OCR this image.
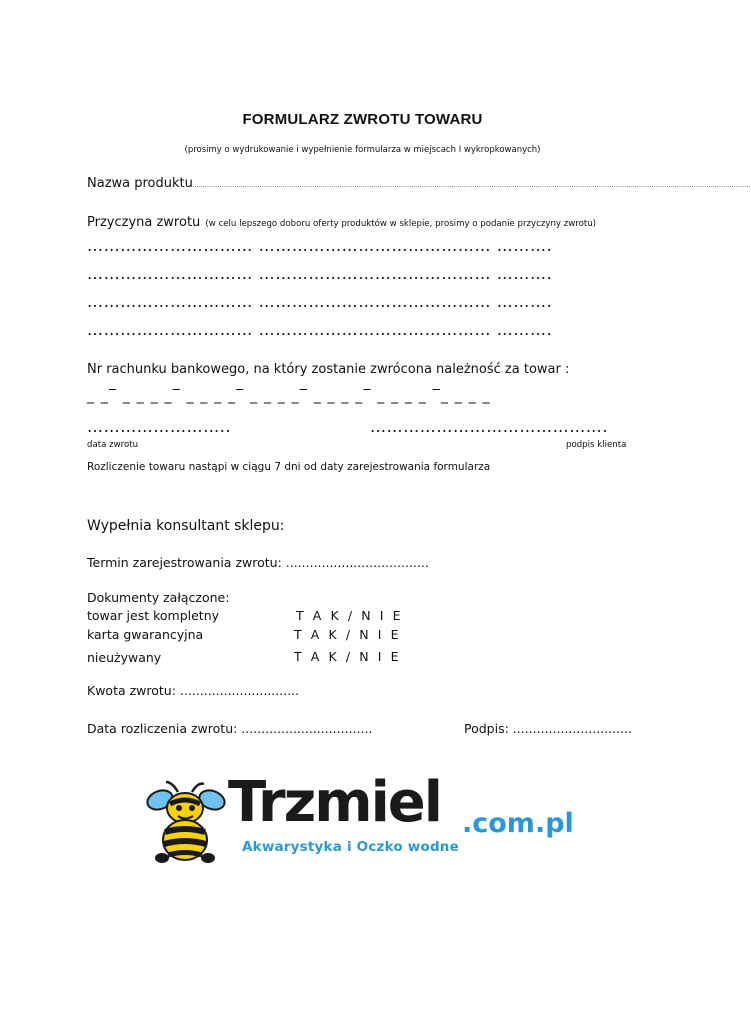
FORMULARZ ZWROTU TOWARU
(prosimy o wydrukowanie i wypełnienie formularza w miejscach I wykropkowanych)
Nazwa produktu
...........................................................................................................................................................................................................................................................................
Przyczyna zwrotu (w celu lepszego doboru oferty produktów w sklepie, prosimy o podanie przyczyny zwrotu)
………………………… …………………………………… ……….
………………………… …………………………………… ……….
………………………… …………………………………… ……….
………………………… …………………………………… ……….
Nr rachunku bankowego, na który zostanie zwrócona należność za towar :
_ _‾ _ _ _ _‾ _ _ _ _‾ _ _ _ _‾ _ _ _ _‾ _ _ _ _ ‾_ _ _ _
……………………..
data zwrotu
…………………………………….
podpis klienta
Rozliczenie towaru nastąpi w ciągu 7 dni od daty zarejestrowania formularza
Wypełnia konsultant sklepu:
Termin zarejestrowania zwrotu: ....................................
Dokumenty załączone:
towar jest kompletny	T A K / N I E
karta gwarancyjna	T A K / N I E
nieużywany	T A K / N I E
Kwota zwrotu: ..............................
Data rozliczenia zwrotu: .................................	Podpis: ..............................
Trzmiel .com.pl
Akwarystyka i Oczko wodne
